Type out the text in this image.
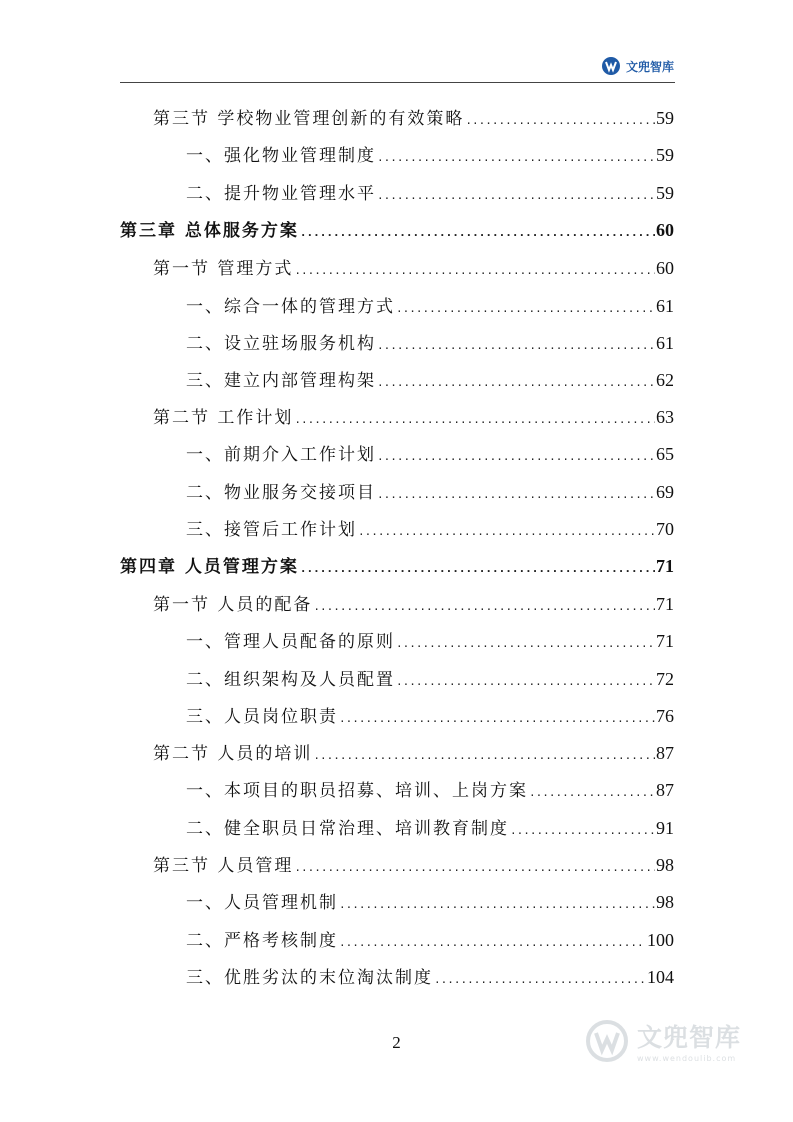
文兜智库
第三节 学校物业管理创新的有效策略 .....	59
一、强化物业管理制度 .....	59
二、提升物业管理水平 .....	59
第三章 总体服务方案 .....	60
第一节 管理方式 .....	60
一、综合一体的管理方式 .....	61
二、设立驻场服务机构 .....	61
三、建立内部管理构架 .....	62
第二节 工作计划 .....	63
一、前期介入工作计划 .....	65
二、物业服务交接项目 .....	69
三、接管后工作计划 .....	70
第四章 人员管理方案 .....	71
第一节 人员的配备 .....	71
一、管理人员配备的原则 .....	71
二、组织架构及人员配置 .....	72
三、人员岗位职责 .....	76
第二节 人员的培训 .....	87
一、本项目的职员招募、培训、上岗方案 .....	87
二、健全职员日常治理、培训教育制度 .....	91
第三节 人员管理 .....	98
一、人员管理机制 .....	98
二、严格考核制度 .....	100
三、优胜劣汰的末位淘汰制度 .....	104
2	文兜智库
www.wendoulib.com
